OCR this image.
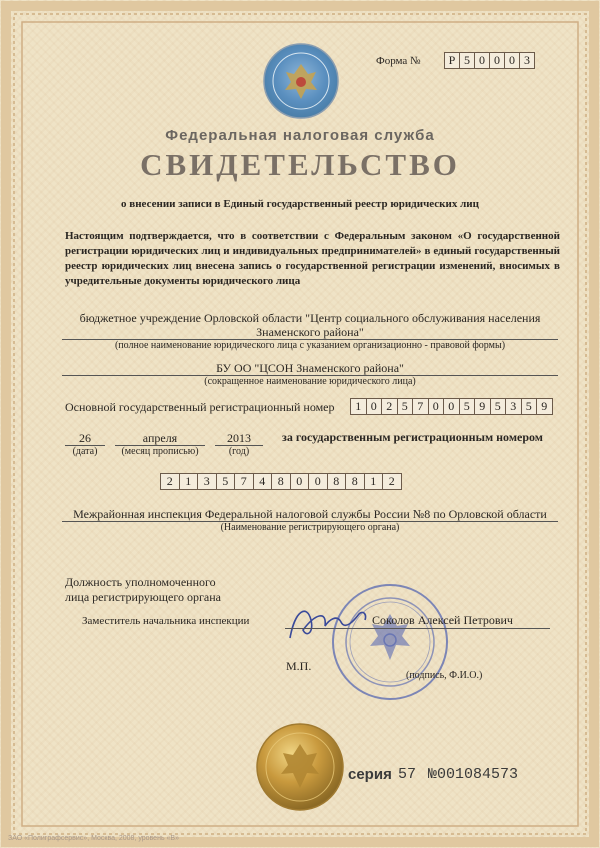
Форма №	Р 5 0 0 0 3
Федеральная налоговая служба
СВИДЕТЕЛЬСТВО
о внесении записи в Единый государственный реестр юридических лиц
Настоящим подтверждается, что в соответствии с Федеральным законом «О государственной регистрации юридических лиц и индивидуальных предпринимателей» в единый государственный реестр юридических лиц внесена запись о государственной регистрации изменений, вносимых в учредительные документы юридического лица
бюджетное учреждение Орловской области "Центр социального обслуживания населения
Знаменского района"
(полное наименование юридического лица с указанием организационно - правовой формы)
БУ ОО "ЦСОН Знаменского района"
(сокращенное наименование юридического лица)
Основной государственный регистрационный номер	1 0 2 5 7 0 0 5 9 5 3 5 9
26
(дата)
апреля
(месяц прописью)
2013
(год)
за государственным регистрационным номером
2	1	3	5	7	4	8	0	0	8	8	1	2
Межрайонная инспекция Федеральной налоговой службы России №8 по Орловской области
(Наименование регистрирующего органа)
Должность уполномоченного
лица регистрирующего органа
Заместитель начальника инспекции	Соколов Алексей Петрович
(подпись, Ф.И.О.)
М.П.
серия 57 №001084573
ЗАО «Полиграфсервис», Москва, 2008, уровень «В»
